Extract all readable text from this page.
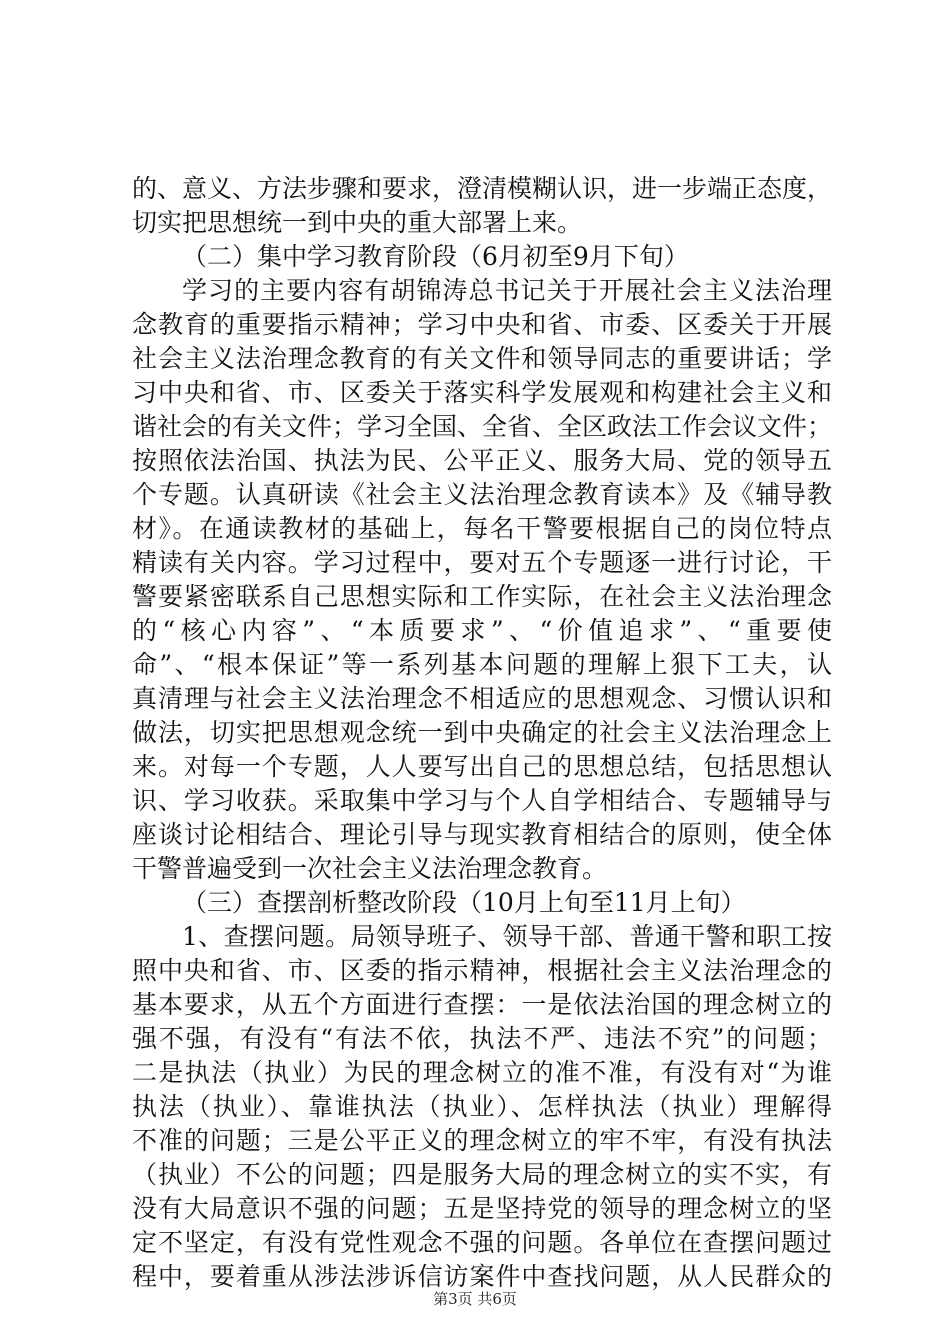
的、意义、方法步骤和要求，澄清模糊认识，进一步端正态度，
切实把思想统一到中央的重大部署上来。
（二）集中学习教育阶段（6月初至9月下旬）
学习的主要内容有胡锦涛总书记关于开展社会主义法治理
念教育的重要指示精神；学习中央和省、市委、区委关于开展
社会主义法治理念教育的有关文件和领导同志的重要讲话；学
习中央和省、市、区委关于落实科学发展观和构建社会主义和
谐社会的有关文件；学习全国、全省、全区政法工作会议文件；
按照依法治国、执法为民、公平正义、服务大局、党的领导五
个专题。认真研读《社会主义法治理念教育读本》及《辅导教
材》。在通读教材的基础上，每名干警要根据自己的岗位特点
精读有关内容。学习过程中，要对五个专题逐一进行讨论，干
警要紧密联系自己思想实际和工作实际，在社会主义法治理念
的“核心内容”、“本质要求”、“价值追求”、“重要使
命”、“根本保证”等一系列基本问题的理解上狠下工夫，认
真清理与社会主义法治理念不相适应的思想观念、习惯认识和
做法，切实把思想观念统一到中央确定的社会主义法治理念上
来。对每一个专题，人人要写出自己的思想总结，包括思想认
识、学习收获。采取集中学习与个人自学相结合、专题辅导与
座谈讨论相结合、理论引导与现实教育相结合的原则，使全体
干警普遍受到一次社会主义法治理念教育。
（三）查摆剖析整改阶段（10月上旬至11月上旬）
1、查摆问题。局领导班子、领导干部、普通干警和职工按
照中央和省、市、区委的指示精神，根据社会主义法治理念的
基本要求，从五个方面进行查摆：一是依法治国的理念树立的
强不强，有没有“有法不依，执法不严、违法不究”的问题；
二是执法（执业）为民的理念树立的准不准，有没有对“为谁
执法（执业）、靠谁执法（执业）、怎样执法（执业）理解得
不准的问题；三是公平正义的理念树立的牢不牢，有没有执法
（执业）不公的问题；四是服务大局的理念树立的实不实，有
没有大局意识不强的问题；五是坚持党的领导的理念树立的坚
定不坚定，有没有党性观念不强的问题。各单位在查摆问题过
程中，要着重从涉法涉诉信访案件中查找问题，从人民群众的
第3页 共6页
